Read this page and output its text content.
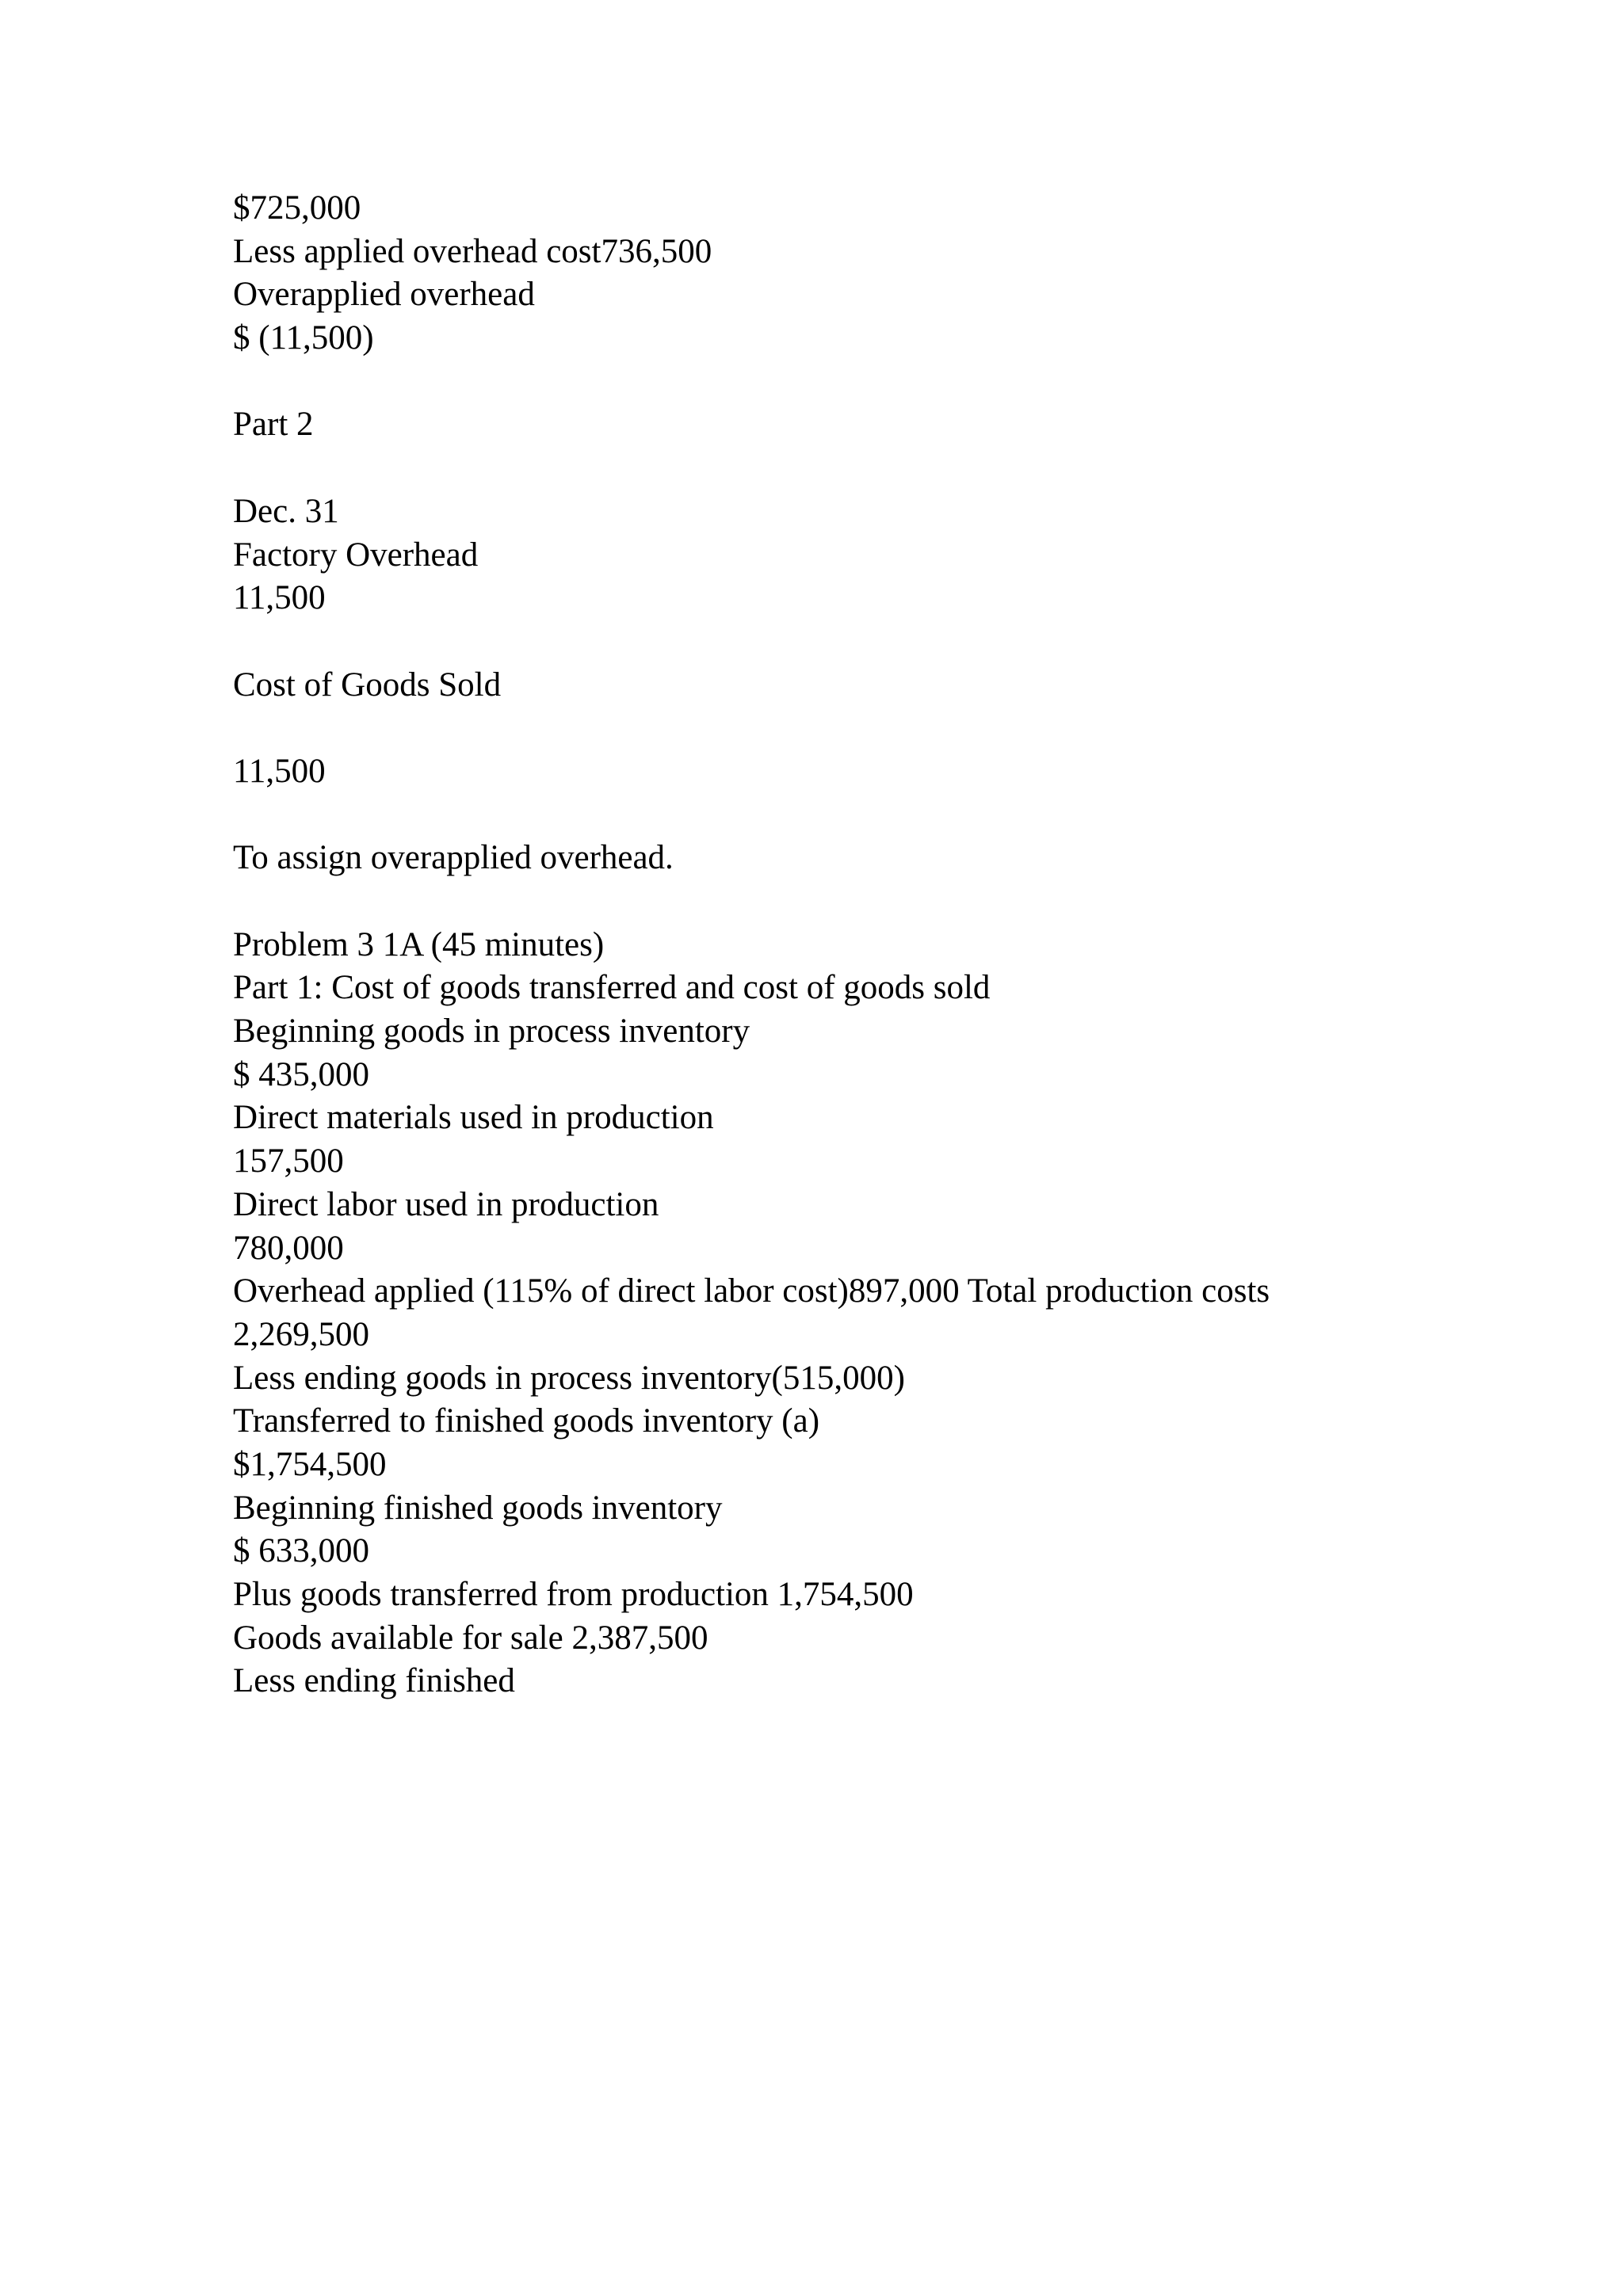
$725,000
Less applied overhead cost736,500
Overapplied overhead
$ (11,500)
Part 2
Dec. 31
Factory Overhead
11,500
Cost of Goods Sold
11,500
To assign overapplied overhead.
Problem 3 1A (45 minutes)
Part 1: Cost of goods transferred and cost of goods sold
Beginning goods in process inventory
$ 435,000
Direct materials used in production
157,500
Direct labor used in production
780,000
Overhead applied (115% of direct labor cost)897,000 Total production costs
2,269,500
Less ending goods in process inventory(515,000)
Transferred to finished goods inventory (a)
$1,754,500
Beginning finished goods inventory
$ 633,000
Plus goods transferred from production 1,754,500
Goods available for sale 2,387,500
Less ending finished
